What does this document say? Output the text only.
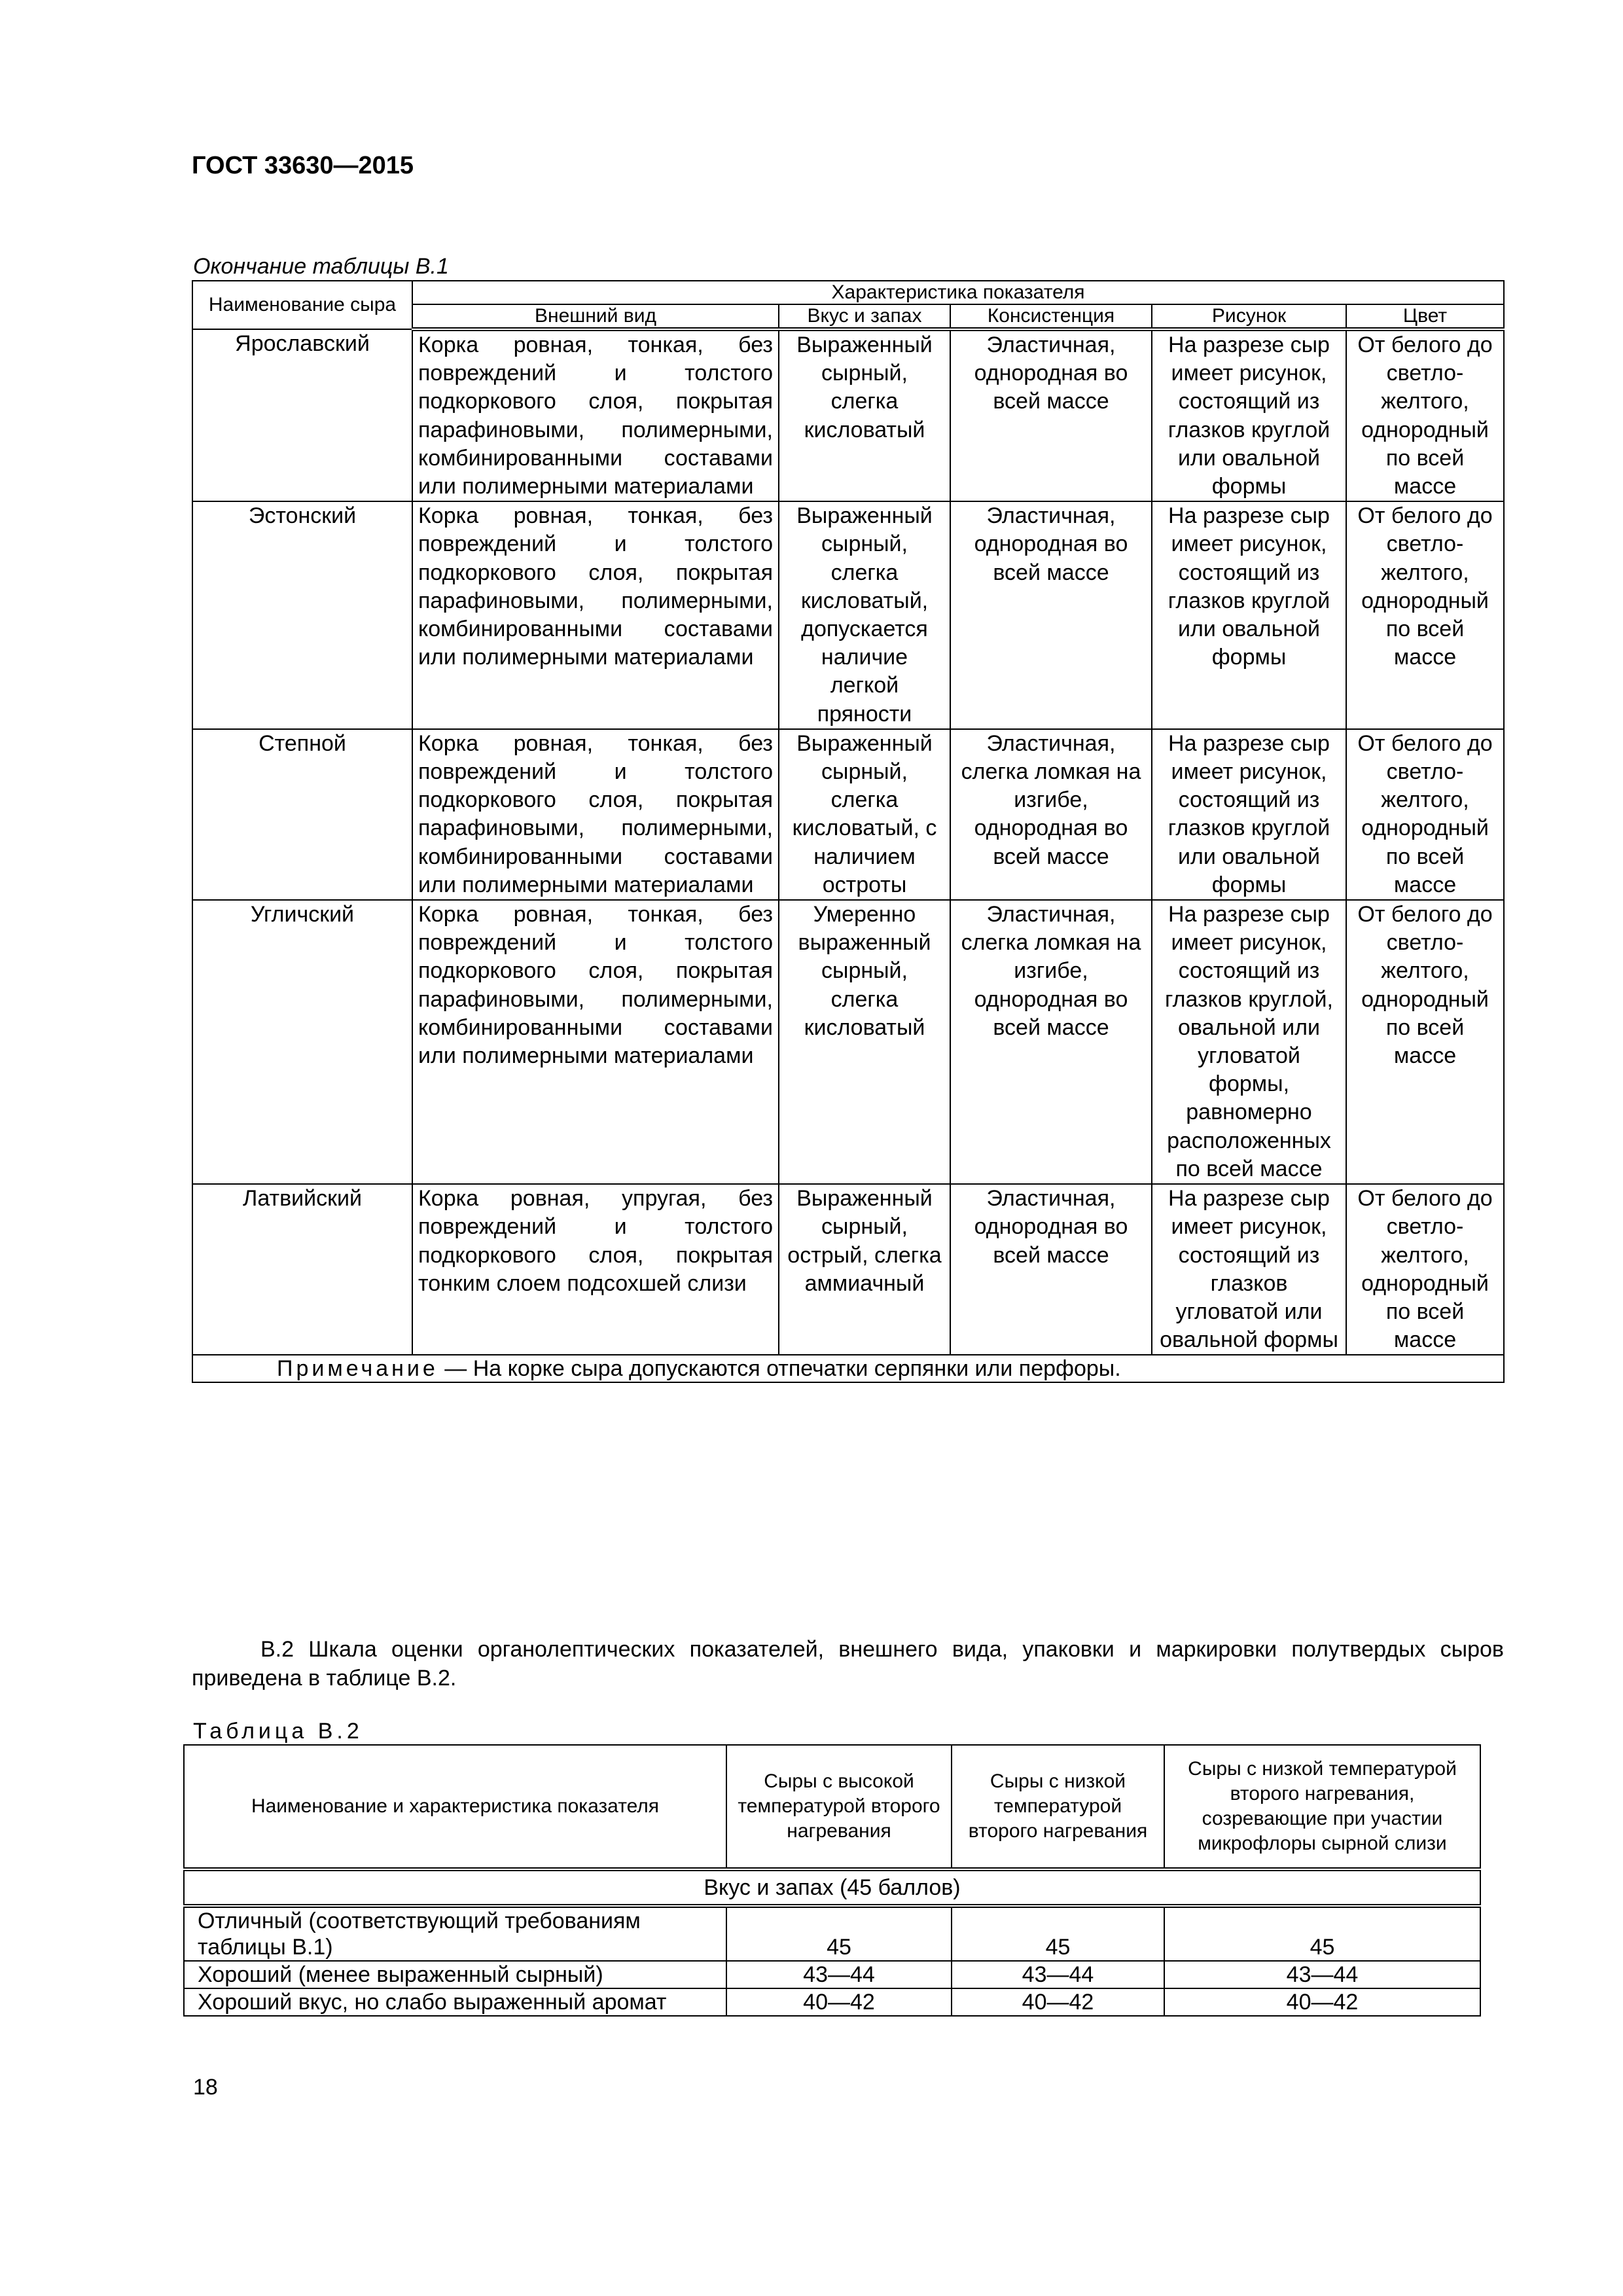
ГОСТ 33630—2015
Окончание таблицы В.1
Наименование сыра	Характеристика показателя				
	Внешний вид	Вкус и запах	Консистенция	Рисунок	Цвет
Ярославский	Корка ровная, тонкая, без повреждений и толстого подкоркового слоя, покрытая парафиновыми, полимерными, комбинированными составами или полимерными материалами	Выраженный сырный, слегка кисловатый	Эластичная, однородная во всей массе	На разрезе сыр имеет рисунок, состоящий из глазков круглой или овальной формы	От белого до светло-желтого, однородный по всей массе
Эстонский	Корка ровная, тонкая, без повреждений и толстого подкоркового слоя, покрытая парафиновыми, полимерными, комбинированными составами или полимерными материалами	Выраженный сырный, слегка кисловатый, допускается наличие легкой пряности	Эластичная, однородная во всей массе	На разрезе сыр имеет рисунок, состоящий из глазков круглой или овальной формы	От белого до светло-желтого, однородный по всей массе
Степной	Корка ровная, тонкая, без повреждений и толстого подкоркового слоя, покрытая парафиновыми, полимерными, комбинированными составами или полимерными материалами	Выраженный сырный, слегка кисловатый, с наличием остроты	Эластичная, слегка ломкая на изгибе, однородная во всей массе	На разрезе сыр имеет рисунок, состоящий из глазков круглой или овальной формы	От белого до светло-желтого, однородный по всей массе
Угличский	Корка ровная, тонкая, без повреждений и толстого подкоркового слоя, покрытая парафиновыми, полимерными, комбинированными составами или полимерными материалами	Умеренно выраженный сырный, слегка кисловатый	Эластичная, слегка ломкая на изгибе, однородная во всей массе	На разрезе сыр имеет рисунок, состоящий из глазков круглой, овальной или угловатой формы, равномерно расположенных по всей массе	От белого до светло-желтого, однородный по всей массе
Латвийский	Корка ровная, упругая, без повреждений и толстого подкоркового слоя, покрытая тонким слоем подсохшей слизи	Выраженный сырный, острый, слегка аммиачный	Эластичная, однородная во всей массе	На разрезе сыр имеет рисунок, состоящий из глазков угловатой или овальной формы	От белого до светло-желтого, однородный по всей массе
Примечание — На корке сыра допускаются отпечатки серпянки или перфоры.					
В.2 Шкала оценки органолептических показателей, внешнего вида, упаковки и маркировки полутвердых сыров приведена в таблице В.2.
Таблица В.2
Наименование и характеристика показателя	Сыры с высокой температурой второго нагревания	Сыры с низкой температурой второго нагревания	Сыры с низкой температурой второго нагревания, созревающие при участии микрофлоры сырной слизи
Вкус и запах (45 баллов)			
Отличный (соответствующий требованиям таблицы В.1)	45	45	45
Хороший (менее выраженный сырный)	43—44	43—44	43—44
Хороший вкус, но слабо выраженный аромат	40—42	40—42	40—42
18
